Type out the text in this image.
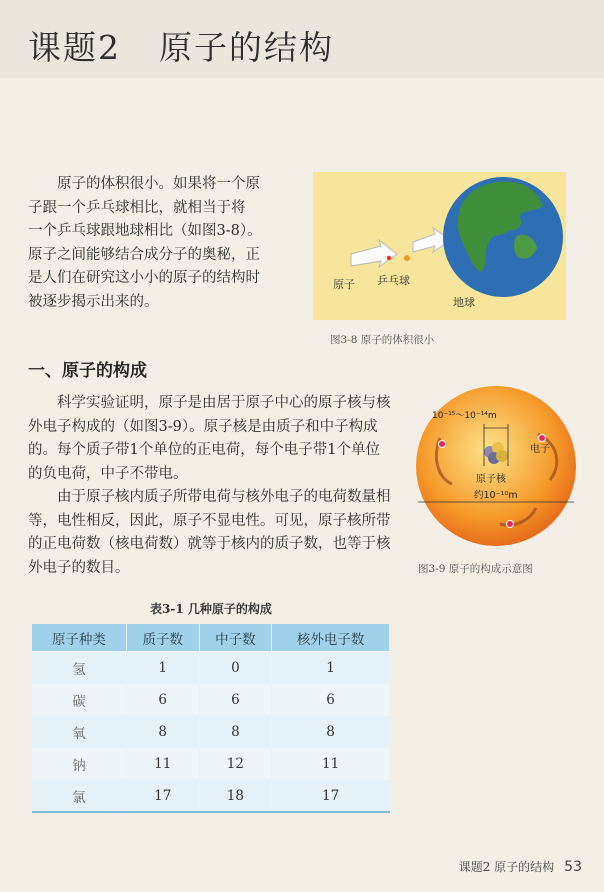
课题2 原子的结构
原子的体积很小。如果将一个原
子跟一个乒乓球相比，就相当于将
一个乒乓球跟地球相比（如图3-8）。
原子之间能够结合成分子的奥秘，正
是人们在研究这小小的原子的结构时
被逐步揭示出来的。
原子 乒乓球
地球
图3-8 原子的体积很小
一、原子的构成
科学实验证明，原子是由居于原子中心的原子核与核外电子构成的（如图3-9）。原子核是由质子和中子构成的。每个质子带1个单位的正电荷，每个电子带1个单位的负电荷，中子不带电。
由于原子核内质子所带电荷与核外电子的电荷数量相等，电性相反，因此，原子不显电性。可见，原子核所带的正电荷数（核电荷数）就等于核内的质子数，也等于核外电子的数目。
10⁻¹⁵～10⁻¹⁴m
电子
原子核
约10⁻¹⁰m
图3-9 原子的构成示意图
表3-1 几种原子的构成
原子种类	质子数	中子数	核外电子数
氢	1	0	1
碳	6	6	6
氧	8	8	8
钠	11	12	11
氯	17	18	17
课题2 原子的结构 53
